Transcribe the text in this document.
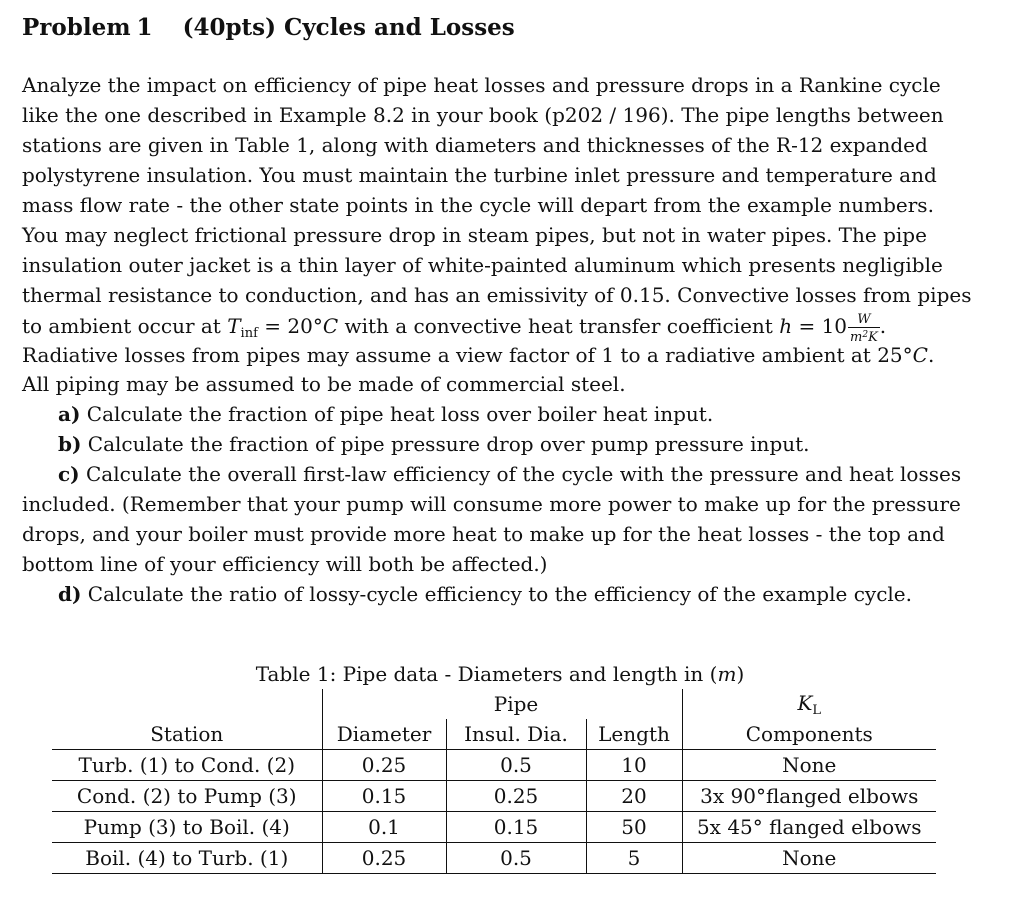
Problem 1 (40pts) Cycles and Losses
Analyze the impact on efficiency of pipe heat losses and pressure drops in a Rankine cycle
like the one described in Example 8.2 in your book (p202 / 196). The pipe lengths between
stations are given in Table 1, along with diameters and thicknesses of the R-12 expanded
polystyrene insulation. You must maintain the turbine inlet pressure and temperature and
mass flow rate - the other state points in the cycle will depart from the example numbers.
You may neglect frictional pressure drop in steam pipes, but not in water pipes. The pipe
insulation outer jacket is a thin layer of white-painted aluminum which presents negligible
thermal resistance to conduction, and has an emissivity of 0.15. Convective losses from pipes
to ambient occur at $T_{inf} = 20^\circ C$ with a convective heat transfer coefficient $h = 10 \frac{W}{m^2K}$ .
Radiative losses from pipes may assume a view factor of 1 to a radiative ambient at 25°C.
All piping may be assumed to be made of commercial steel.
a) Calculate the fraction of pipe heat loss over boiler heat input.
b) Calculate the fraction of pipe pressure drop over pump pressure input.
c) Calculate the overall first-law efficiency of the cycle with the pressure and heat losses
included. (Remember that your pump will consume more power to make up for the pressure
drops, and your boiler must provide more heat to make up for the heat losses - the top and
bottom line of your efficiency will both be affected.)
d) Calculate the ratio of lossy-cycle efficiency to the efficiency of the example cycle.
Table 1: Pipe data - Diameters and length in (m)
		Pipe		$K_L$
Station	Diameter	Insul. Dia.	Length	Components
Turb. (1) to Cond. (2)	0.25	0.5	10	None
Cond. (2) to Pump (3)	0.15	0.25	20	3x 90°flanged elbows
Pump (3) to Boil. (4)	0.1	0.15	50	5x 45° flanged elbows
Boil. (4) to Turb. (1)	0.25	0.5	5	None
